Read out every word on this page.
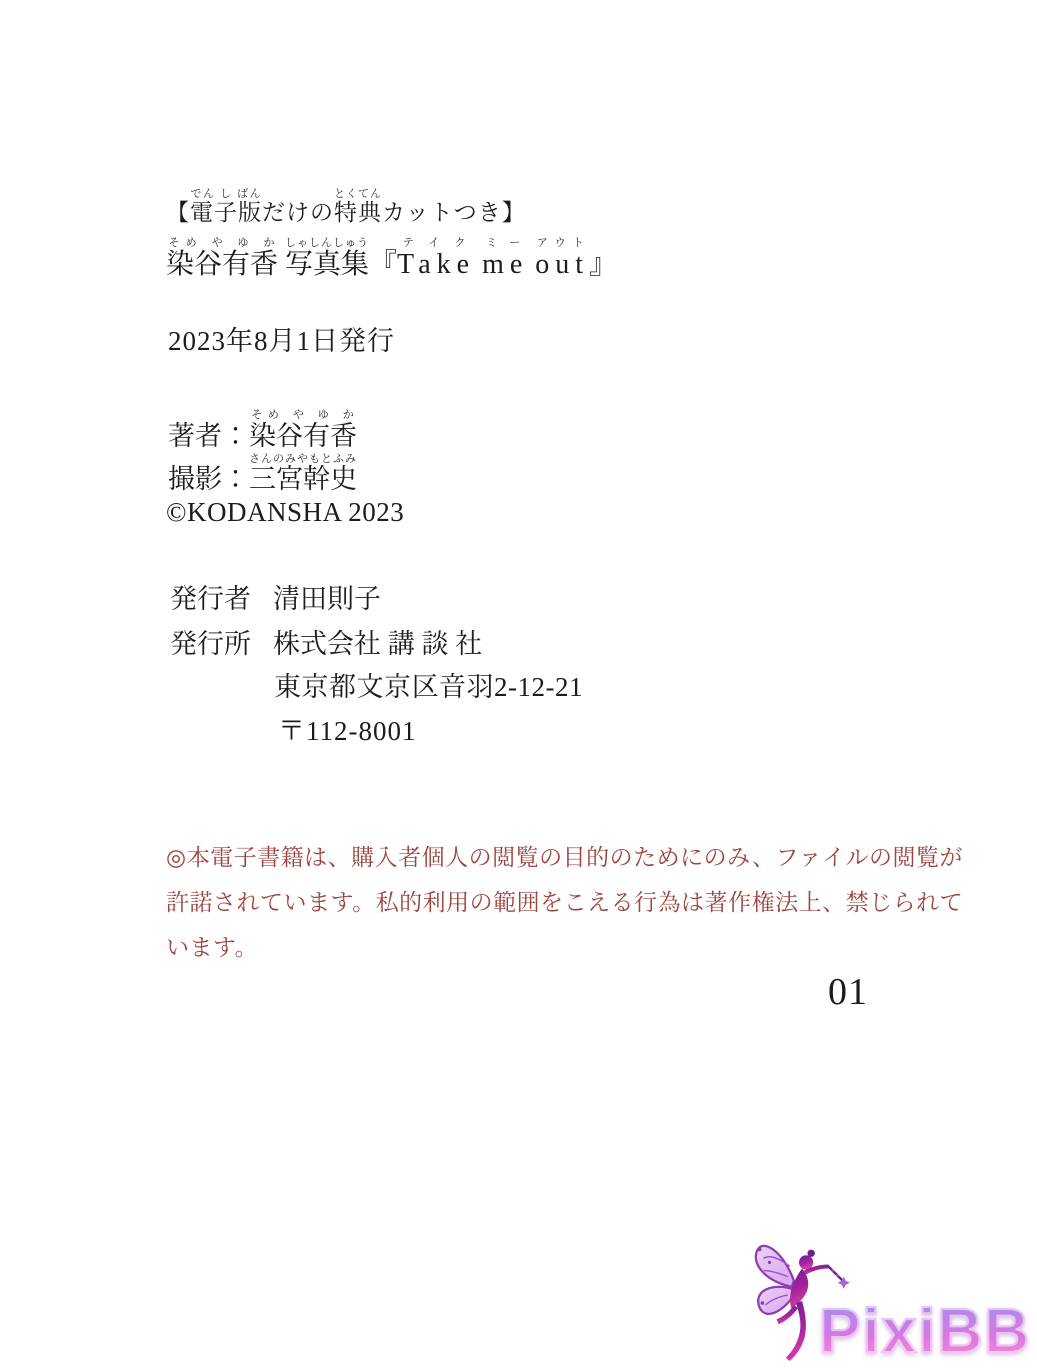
【電子版でん し ばんだけの特典とくてんカットつき】
染谷有香そめ や ゆ か 写真集しゃしんしゅう『Takeテイク meミー outアウト』
2023年8月1日発行
著者：染谷有香そめ や ゆ か
撮影：三宮幹史さんのみやもとふみ
©KODANSHA 2023
発行者 清田則子
発行所 株式会社 講 談 社
東京都文京区音羽2-12-21
〒112-8001
◎本電子書籍は、購入者個人の閲覧の目的のためにのみ、ファイルの閲覧が
許諾されています。私的利用の範囲をこえる行為は著作権法上、禁じられて
います。
01
PixiBB
